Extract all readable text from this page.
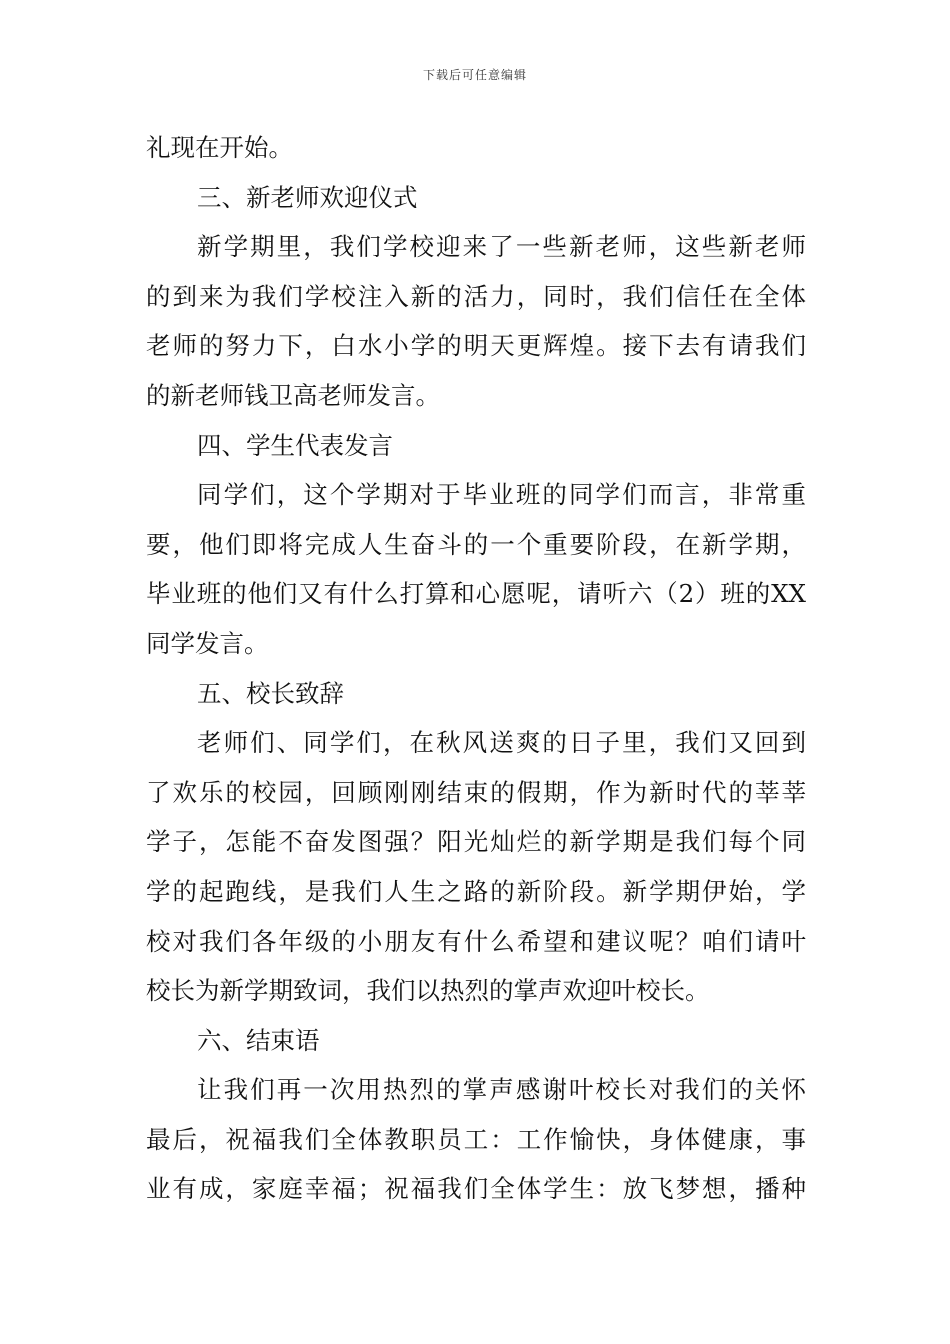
下载后可任意编辑
礼现在开始。
三、新老师欢迎仪式
新学期里，我们学校迎来了一些新老师，这些新老师
的到来为我们学校注入新的活力，同时，我们信任在全体
老师的努力下，白水小学的明天更辉煌。接下去有请我们
的新老师钱卫高老师发言。
四、学生代表发言
同学们，这个学期对于毕业班的同学们而言，非常重
要，他们即将完成人生奋斗的一个重要阶段，在新学期，
毕业班的他们又有什么打算和心愿呢，请听六（2）班的XX
同学发言。
五、校长致辞
老师们、同学们，在秋风送爽的日子里，我们又回到
了欢乐的校园，回顾刚刚结束的假期，作为新时代的莘莘
学子，怎能不奋发图强？阳光灿烂的新学期是我们每个同
学的起跑线，是我们人生之路的新阶段。新学期伊始，学
校对我们各年级的小朋友有什么希望和建议呢？咱们请叶
校长为新学期致词，我们以热烈的掌声欢迎叶校长。
六、结束语
让我们再一次用热烈的掌声感谢叶校长对我们的关怀
最后，祝福我们全体教职员工：工作愉快，身体健康，事
业有成，家庭幸福；祝福我们全体学生：放飞梦想，播种
